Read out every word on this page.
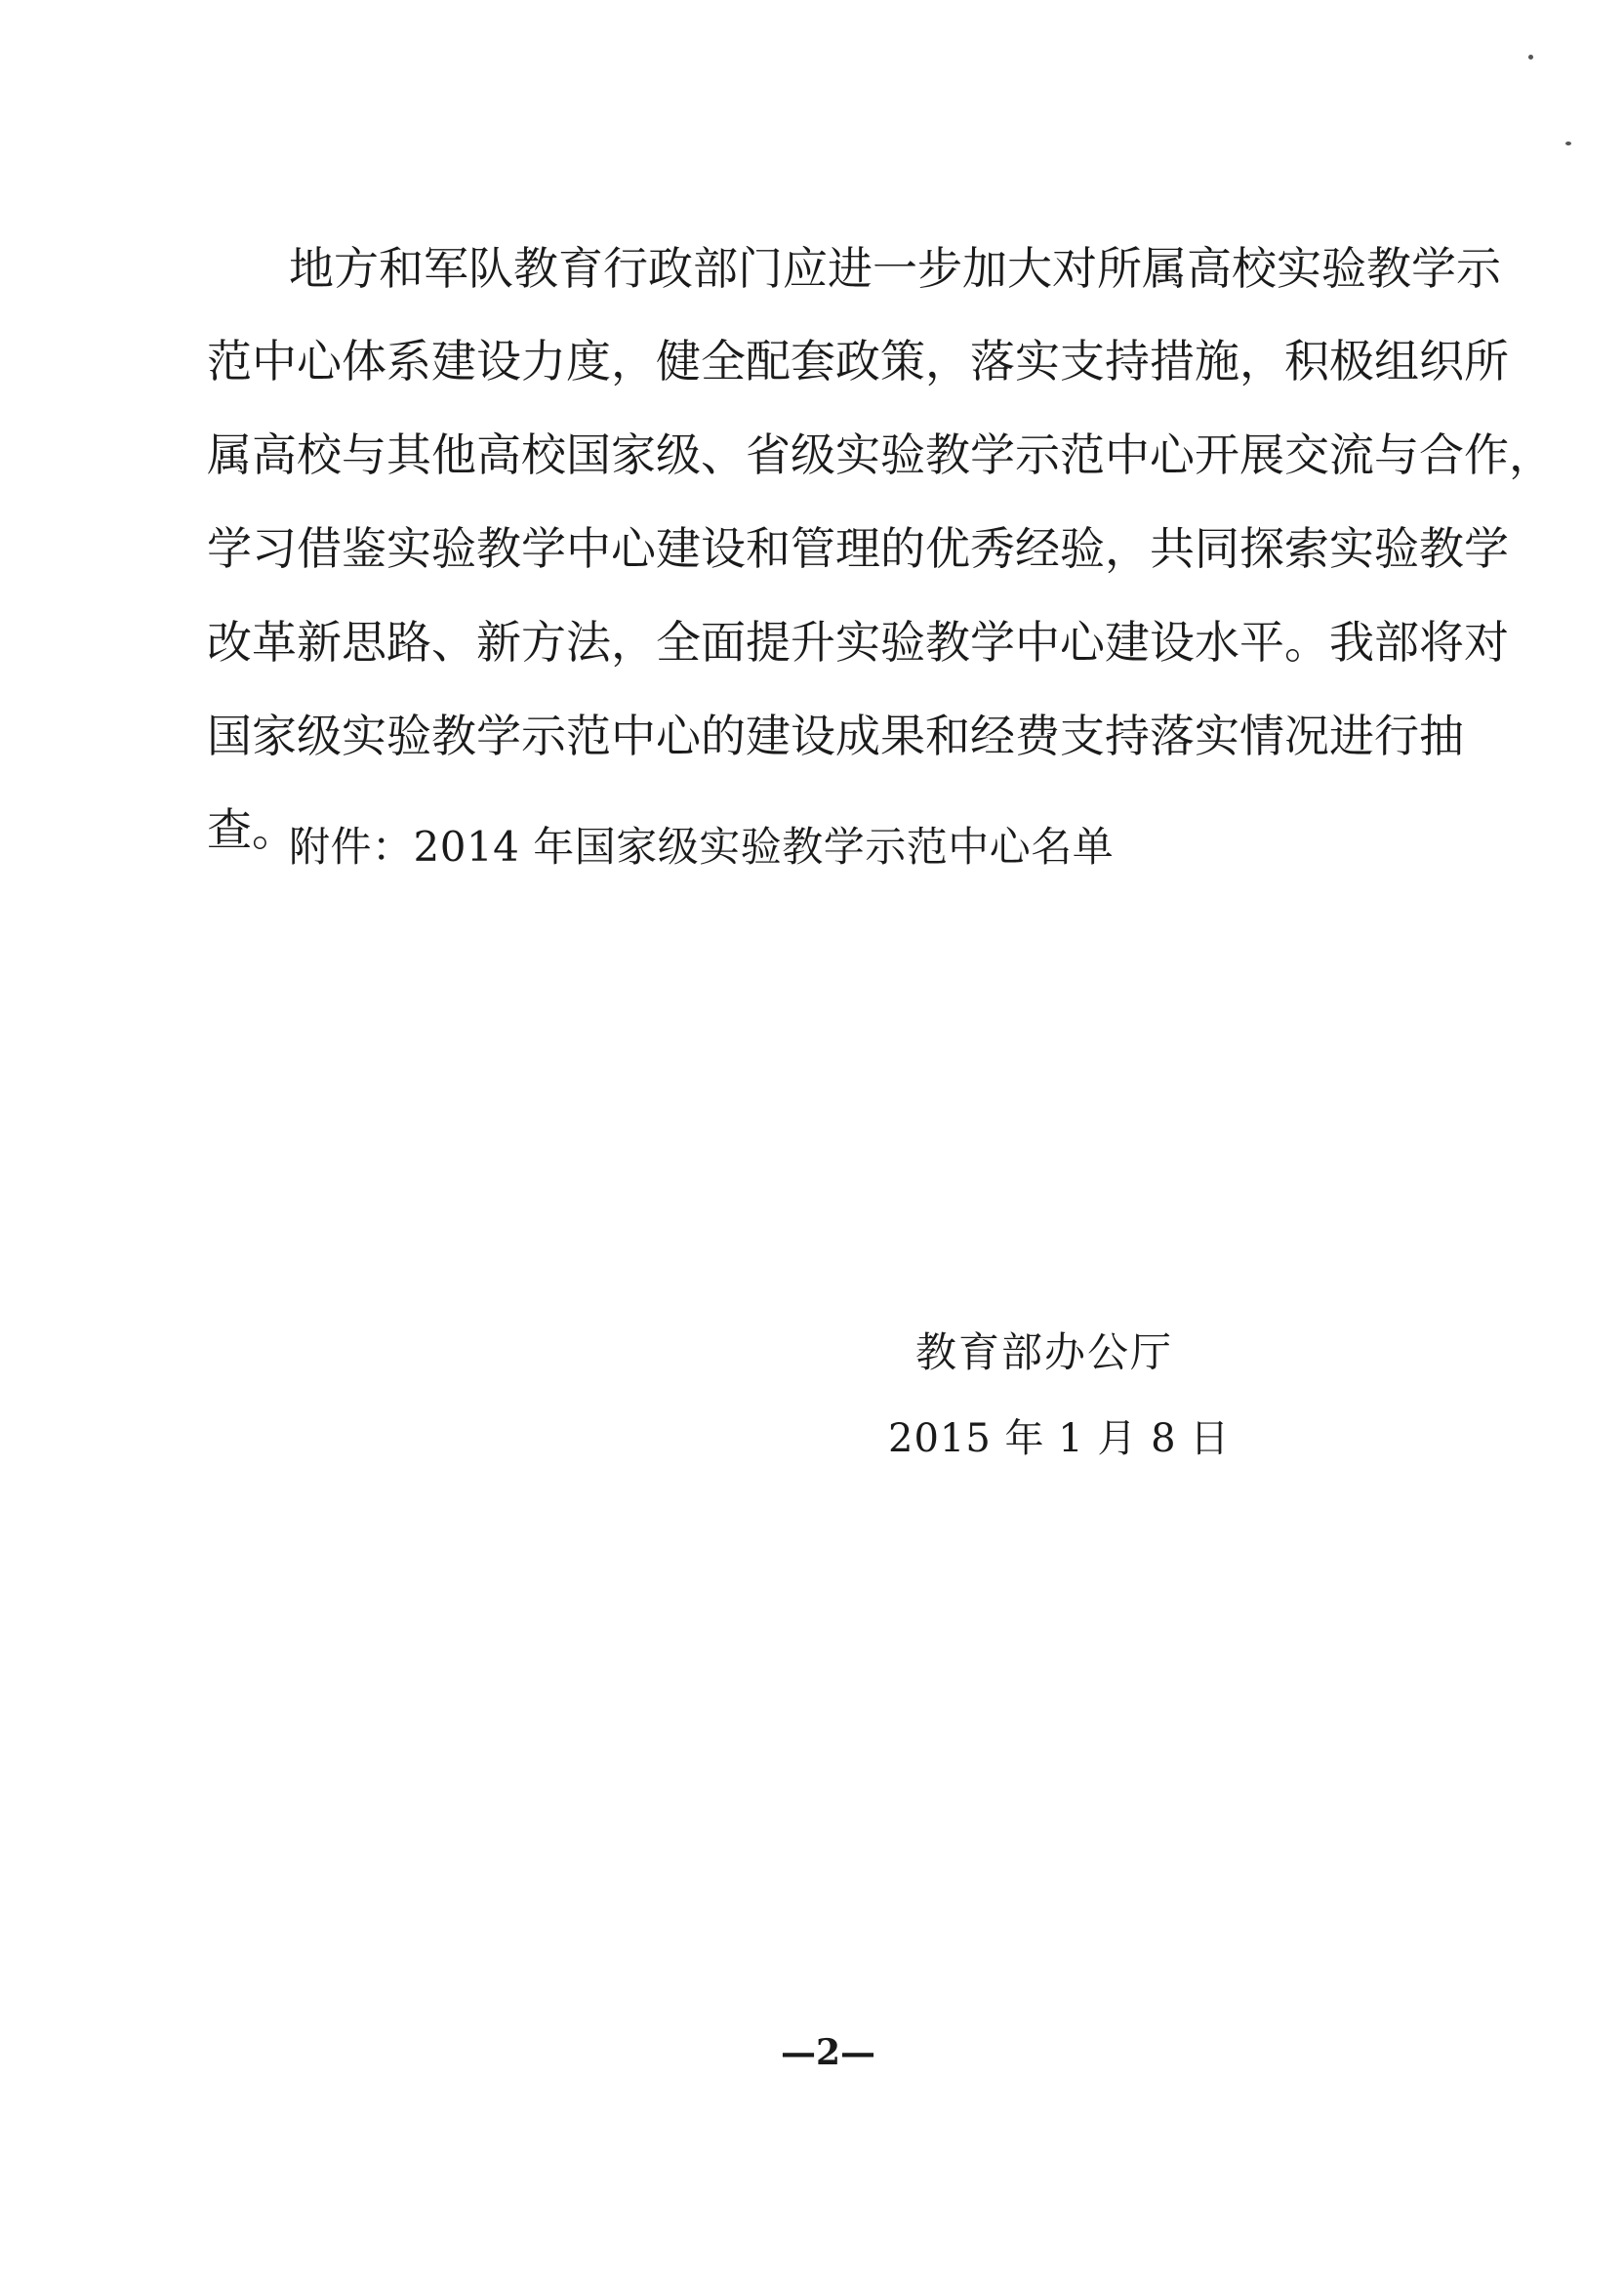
地方和军队教育行政部门应进一步加大对所属高校实验教学示
范中心体系建设力度，健全配套政策，落实支持措施，积极组织所
属高校与其他高校国家级、省级实验教学示范中心开展交流与合作，
学习借鉴实验教学中心建设和管理的优秀经验，共同探索实验教学
改革新思路、新方法，全面提升实验教学中心建设水平。我部将对
国家级实验教学示范中心的建设成果和经费支持落实情况进行抽
附件：2014 年国家级实验教学示范中心名单
教育部办公厅
2015 年 1 月 8 日
—2—
查。
